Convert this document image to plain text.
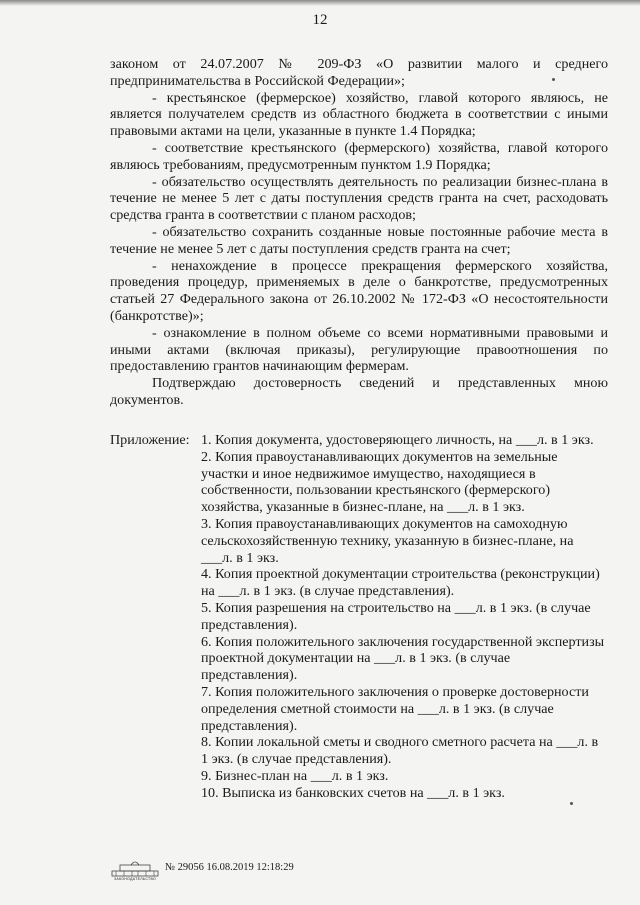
12

законом от 24.07.2007 № 209-ФЗ «О развитии малого и среднего предпринимательства в Российской Федерации»;

- крестьянское (фермерское) хозяйство, главой которого являюсь, не является получателем средств из областного бюджета в соответствии с иными правовыми актами на цели, указанные в пункте 1.4 Порядка;

- соответствие крестьянского (фермерского) хозяйства, главой которого являюсь требованиям, предусмотренным пунктом 1.9 Порядка;

- обязательство осуществлять деятельность по реализации бизнес-плана в течение не менее 5 лет с даты поступления средств гранта на счет, расходовать средства гранта в соответствии с планом расходов;

- обязательство сохранить созданные новые постоянные рабочие места в течение не менее 5 лет с даты поступления средств гранта на счет;

- ненахождение в процессе прекращения фермерского хозяйства, проведения процедур, применяемых в деле о банкротстве, предусмотренных статьей 27 Федерального закона от 26.10.2002 № 172-ФЗ «О несостоятельности (банкротстве)»;

- ознакомление в полном объеме со всеми нормативными правовыми и иными актами (включая приказы), регулирующие правоотношения по предоставлению грантов начинающим фермерам.

Подтверждаю достоверность сведений и представленных мною документов.

Приложение: 1. Копия документа, удостоверяющего личность, на ___л. в 1 экз.

2. Копия правоустанавливающих документов на земельные участки и иное недвижимое имущество, находящиеся в собственности, пользовании крестьянского (фермерского) хозяйства, указанные в бизнес-плане, на ___л. в 1 экз.

3. Копия правоустанавливающих документов на самоходную сельскохозяйственную технику, указанную в бизнес-плане, на ___л. в 1 экз.

4. Копия проектной документации строительства (реконструкции) на ___л. в 1 экз. (в случае представления).

5. Копия разрешения на строительство на ___л. в 1 экз. (в случае представления).

6. Копия положительного заключения государственной экспертизы проектной документации на ___л. в 1 экз. (в случае представления).

7. Копия положительного заключения о проверке достоверности определения сметной стоимости на ___л. в 1 экз. (в случае представления).

8. Копии локальной сметы и сводного сметного расчета на ___л. в 1 экз. (в случае представления).

9. Бизнес-план на ___л. в 1 экз.

10. Выписка из банковских счетов на ___л. в 1 экз.

ЗАКОНОДАТЕЛЬСТВО
№ 29056 16.08.2019 12:18:29
